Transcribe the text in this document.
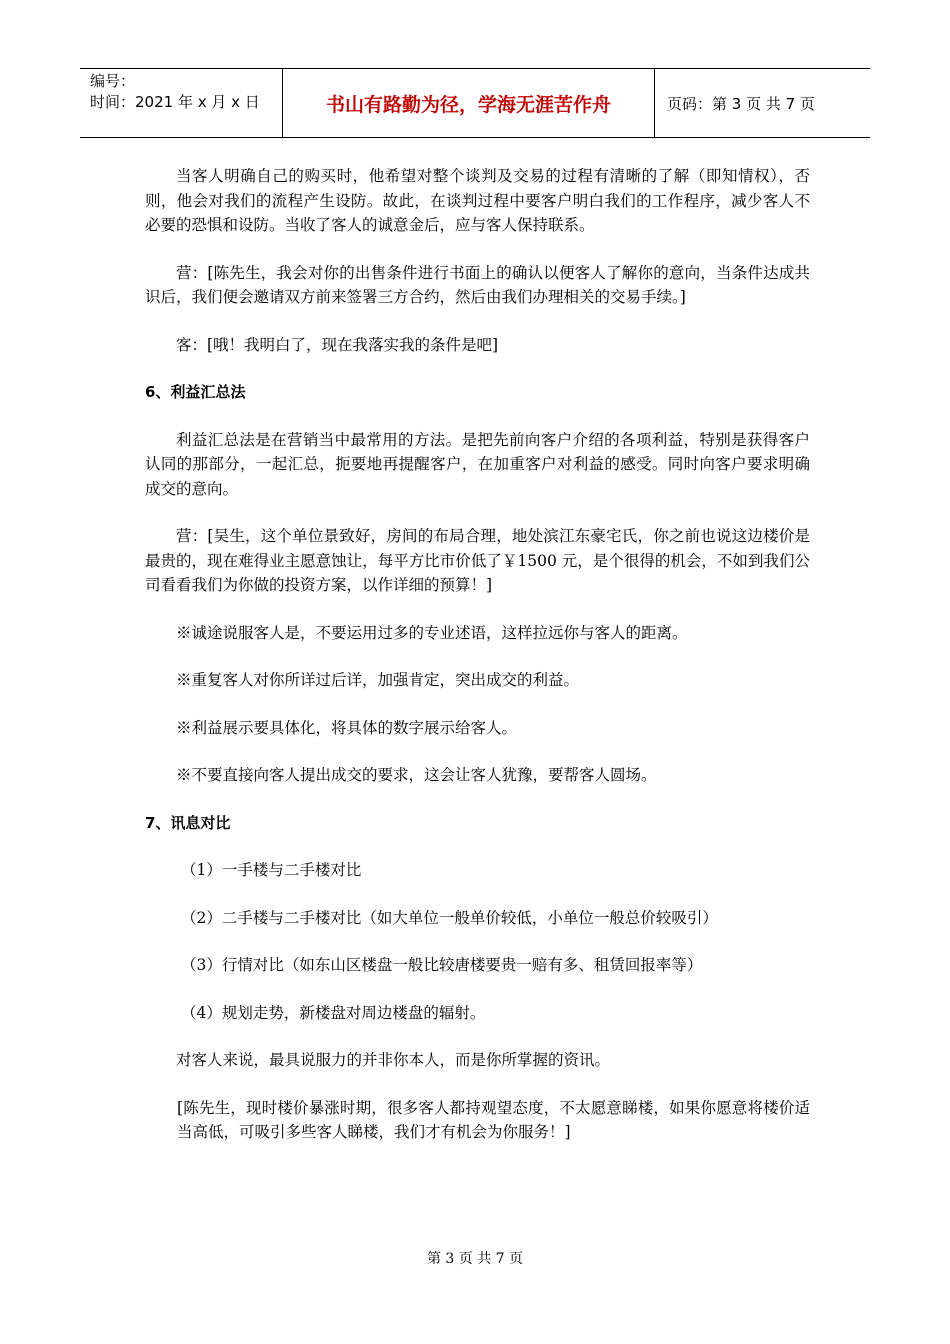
编号：
时间：2021 年 x 月 x 日	书山有路勤为径，学海无涯苦作舟	页码：第 3 页 共 7 页

当客人明确自己的购买时，他希望对整个谈判及交易的过程有清晰的了解（即知情权），否则，他会对我们的流程产生设防。故此，在谈判过程中要客户明白我们的工作程序，减少客人不必要的恐惧和设防。当收了客人的诚意金后，应与客人保持联系。

营：[陈先生，我会对你的出售条件进行书面上的确认以便客人了解你的意向，当条件达成共识后，我们便会邀请双方前来签署三方合约，然后由我们办理相关的交易手续。]

客：[哦！我明白了，现在我落实我的条件是吧]

6、利益汇总法

利益汇总法是在营销当中最常用的方法。是把先前向客户介绍的各项利益，特别是获得客户认同的那部分，一起汇总，扼要地再提醒客户，在加重客户对利益的感受。同时向客户要求明确成交的意向。

营：[吴生，这个单位景致好，房间的布局合理，地处滨江东豪宅氏，你之前也说这边楼价是最贵的，现在难得业主愿意蚀让，每平方比市价低了￥1500 元，是个很得的机会，不如到我们公司看看我们为你做的投资方案，以作详细的预算！]

※诚途说服客人是，不要运用过多的专业述语，这样拉远你与客人的距离。

※重复客人对你所详过后详，加强肯定，突出成交的利益。

※利益展示要具体化，将具体的数字展示给客人。

※不要直接向客人提出成交的要求，这会让客人犹豫，要帮客人圆场。

7、讯息对比

（1）一手楼与二手楼对比

（2）二手楼与二手楼对比（如大单位一般单价较低，小单位一般总价较吸引）

（3）行情对比（如东山区楼盘一般比较唐楼要贵一赔有多、租赁回报率等）

（4）规划走势，新楼盘对周边楼盘的辐射。

对客人来说，最具说服力的并非你本人，而是你所掌握的资讯。

[陈先生，现时楼价暴涨时期，很多客人都持观望态度，不太愿意睇楼，如果你愿意将楼价适当高低，可吸引多些客人睇楼，我们才有机会为你服务！]

第 3 页 共 7 页
